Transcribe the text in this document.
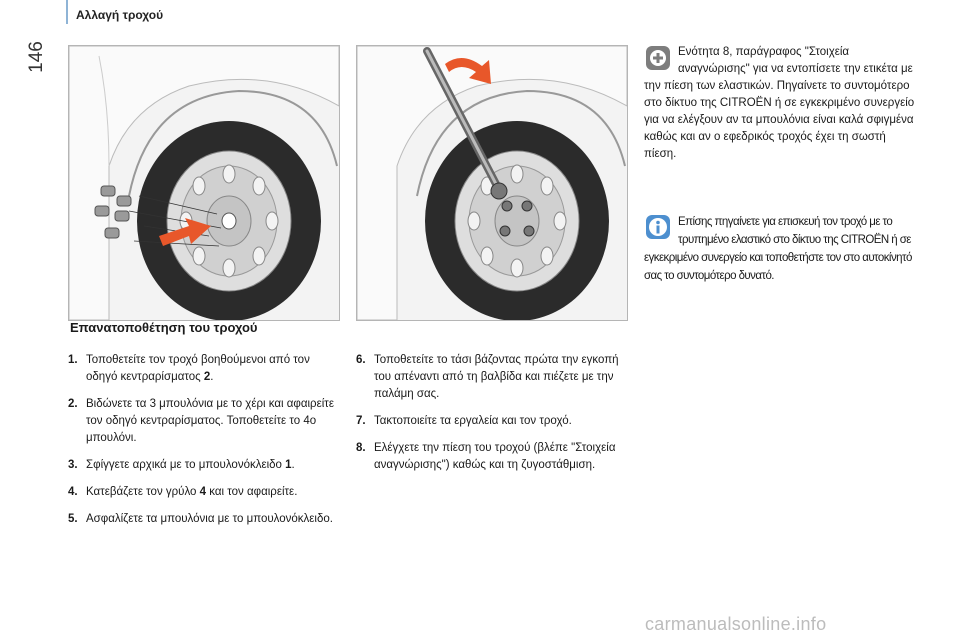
Αλλαγή τροχού
146
Επανατοποθέτηση του τροχού
1. Τοποθετείτε τον τροχό βοηθούμενοι από τον οδηγό κεντραρίσματος 2.
2. Βιδώνετε τα 3 μπουλόνια με το χέρι και αφαιρείτε τον οδηγό κεντραρίσματος. Τοποθετείτε το 4ο μπουλόνι.
3. Σφίγγετε αρχικά με το μπουλονόκλειδο 1.
4. Κατεβάζετε τον γρύλο 4 και τον αφαιρείτε.
5. Ασφαλίζετε τα μπουλόνια με το μπουλονόκλειδο.
6. Τοποθετείτε το τάσι βάζοντας πρώτα την εγκοπή του απέναντι από τη βαλβίδα και πιέζετε με την παλάμη σας.
7. Τακτοποιείτε τα εργαλεία και τον τροχό.
8. Ελέγχετε την πίεση του τροχού (βλέπε "Στοιχεία αναγνώρισης") καθώς και τη ζυγοστάθμιση.
Ενότητα 8, παράγραφος "Στοιχεία αναγνώρισης" για να εντοπίσετε την ετικέτα με την πίεση των ελαστικών. Πηγαίνετε το συντομότερο στο δίκτυο της CITROËN ή σε εγκεκριμένο συνεργείο για να ελέγξουν αν τα μπουλόνια είναι καλά σφιγμένα καθώς και αν ο εφεδρικός τροχός έχει τη σωστή πίεση.
Επίσης πηγαίνετε για επισκευή τον τροχό με το τρυπημένο ελαστικό στο δίκτυο της CITROËN ή σε εγκεκριμένο συνεργείο και τοποθετήστε τον στο αυτοκίνητό σας το συντομότερο δυνατό.
carmanualsonline.info
